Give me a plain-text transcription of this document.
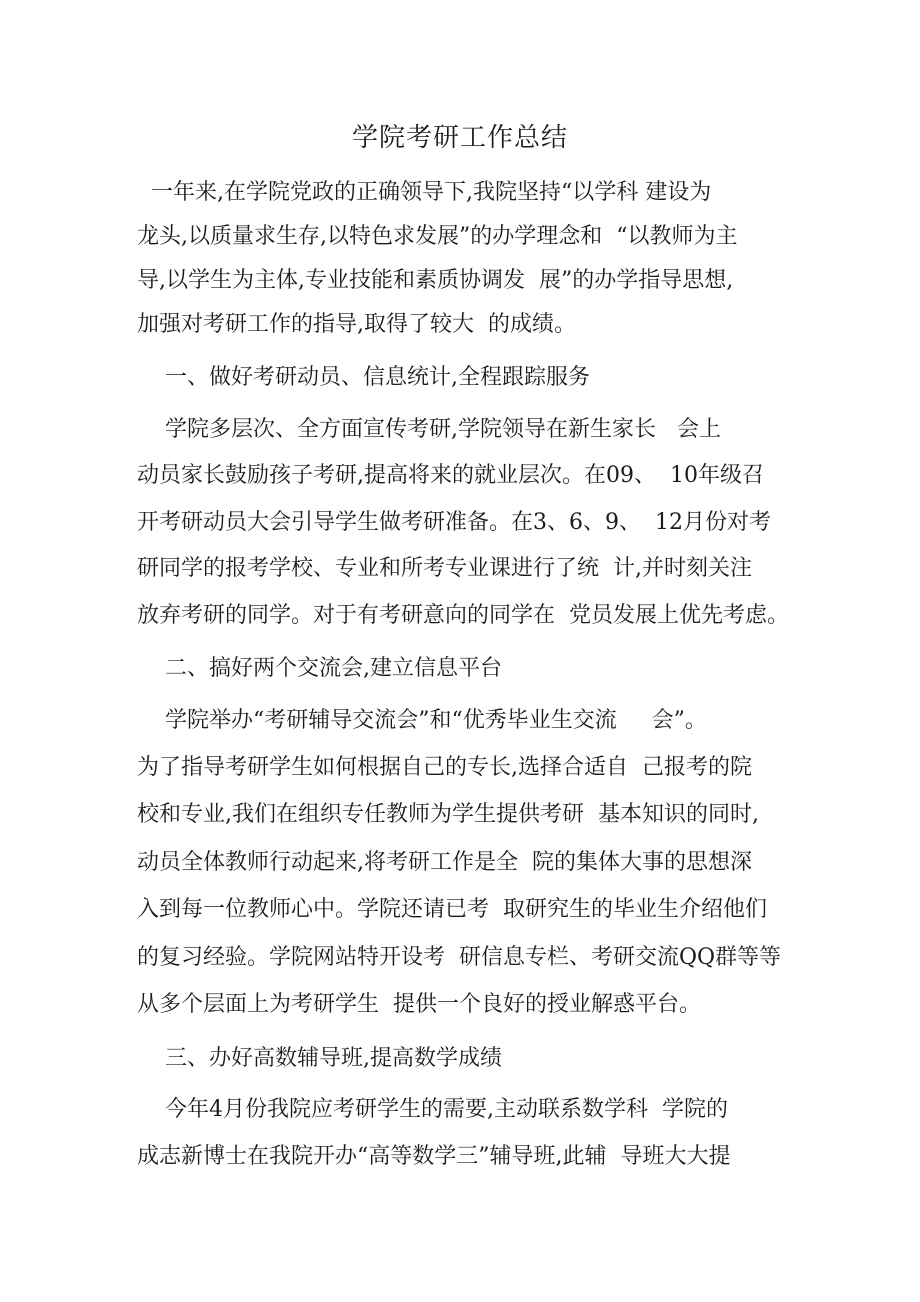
学院考研工作总结
一年来,在学院党政的正确领导下,我院坚持“以学科 建设为
龙头,以质量求生存,以特色求发展”的办学理念和  “以教师为主
导,以学生为主体,专业技能和素质协调发  展”的办学指导思想,
加强对考研工作的指导,取得了较大  的成绩。
一、做好考研动员、信息统计,全程跟踪服务
学院多层次、全方面宣传考研,学院领导在新生家长   会上
动员家长鼓励孩子考研,提高将来的就业层次。在09、  10年级召
开考研动员大会引导学生做考研准备。在3、6、9、  12月份对考
研同学的报考学校、专业和所考专业课进行了统  计,并时刻关注
放弃考研的同学。对于有考研意向的同学在  党员发展上优先考虑。
二、搞好两个交流会,建立信息平台
学院举办“考研辅导交流会”和“优秀毕业生交流     会”。
为了指导考研学生如何根据自己的专长,选择合适自  己报考的院
校和专业,我们在组织专任教师为学生提供考研  基本知识的同时,
动员全体教师行动起来,将考研工作是全  院的集体大事的思想深
入到每一位教师心中。学院还请已考  取研究生的毕业生介绍他们
的复习经验。学院网站特开设考  研信息专栏、考研交流QQ群等等
从多个层面上为考研学生  提供一个良好的授业解惑平台。
三、办好高数辅导班,提高数学成绩
今年4月份我院应考研学生的需要,主动联系数学科  学院的
成志新博士在我院开办“高等数学三”辅导班,此辅  导班大大提
